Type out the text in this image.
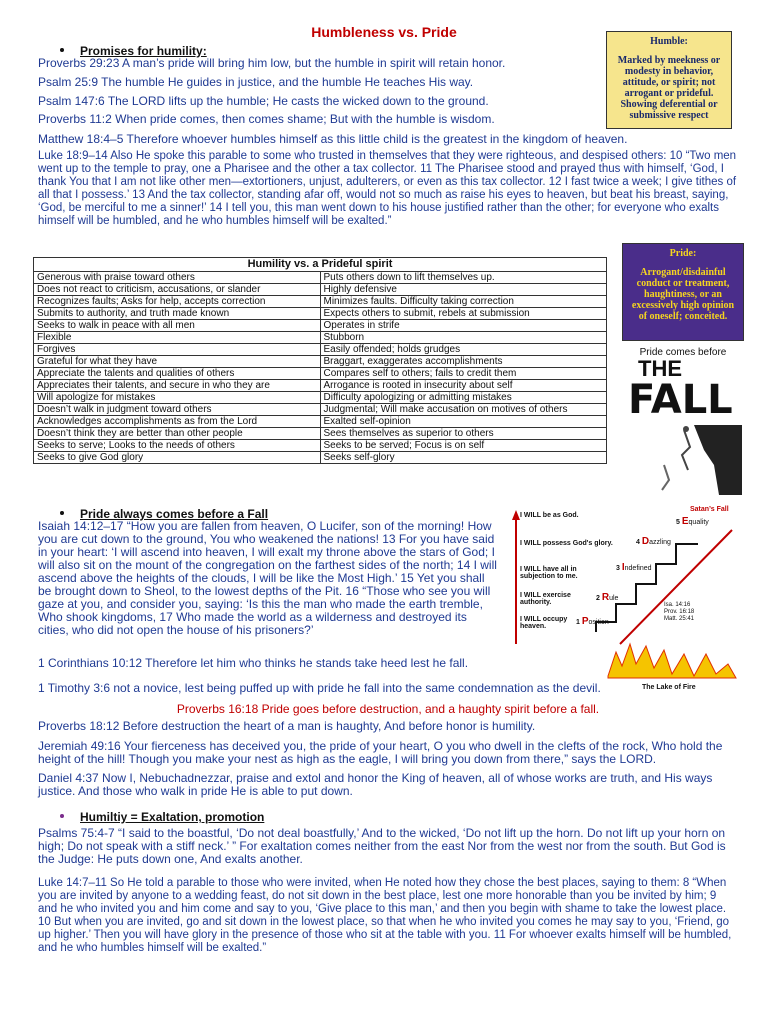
Humbleness vs. Pride
Promises for humility:

Proverbs 29:23 A man’s pride will bring him low, but the humble in spirit will retain honor.

Psalm 25:9 The humble He guides in justice, and the humble He teaches His way.

Psalm 147:6 The LORD lifts up the humble; He casts the wicked down to the ground.

Proverbs 11:2 When pride comes, then comes shame; But with the humble is wisdom.

Matthew 18:4–5 Therefore whoever humbles himself as this little child is the greatest in the kingdom of heaven.

Luke 18:9–14 Also He spoke this parable to some who trusted in themselves that they were righteous, and despised others: 10 “Two men went up to the temple to pray, one a Pharisee and the other a tax collector. 11 The Pharisee stood and prayed thus with himself, ‘God, I thank You that I am not like other men—extortioners, unjust, adulterers, or even as this tax collector. 12 I fast twice a week; I give tithes of all that I possess.’ 13 And the tax collector, standing afar off, would not so much as raise his eyes to heaven, but beat his breast, saying, ‘God, be merciful to me a sinner!’ 14 I tell you, this man went down to his house justified rather than the other; for everyone who exalts himself will be humbled, and he who humbles himself will be exalted.”

Humble:
Marked by meekness or modesty in behavior, attitude, or spirit; not arrogant or prideful. Showing deferential or submissive respect
Humility vs. a Prideful spirit	
Generous with praise toward others	Puts others down to lift themselves up.
Does not react to criticism, accusations, or slander	Highly defensive
Recognizes faults; Asks for help, accepts correction	Minimizes faults. Difficulty taking correction
Submits to authority, and truth made known	Expects others to submit, rebels at submission
Seeks to walk in peace with all men	Operates in strife
Flexible	Stubborn
Forgives	Easily offended; holds grudges
Grateful for what they have	Braggart, exaggerates accomplishments
Appreciate the talents and qualities of others	Compares self to others; fails to credit them
Appreciates their talents, and secure in who they are	Arrogance is rooted in insecurity about self
Will apologize for mistakes	Difficulty apologizing or admitting mistakes
Doesn’t walk in judgment toward others	Judgmental; Will make accusation on motives of others
Acknowledges accomplishments as from the Lord	Exalted self-opinion
Doesn’t think they are better than other people	Sees themselves as superior to others
Seeks to serve; Looks to the needs of others	Seeks to be served; Focus is on self
Seeks to give God glory	Seeks self-glory
Pride:
Arrogant/disdainful conduct or treatment, haughtiness, or an excessively high opinion of oneself; conceited.
Pride comes before
THE
FALL
Pride always comes before a Fall

Isaiah 14:12–17 “How you are fallen from heaven, O Lucifer, son of the morning! How you are cut down to the ground, You who weakened the nations! 13 For you have said in your heart: ‘I will ascend into heaven, I will exalt my throne above the stars of God; I will also sit on the mount of the congregation on the farthest sides of the north; 14 I will ascend above the heights of the clouds, I will be like the Most High.’ 15 Yet you shall be brought down to Sheol, to the lowest depths of the Pit. 16 “Those who see you will gaze at you, and consider you, saying: ‘Is this the man who made the earth tremble, Who shook kingdoms, 17 Who made the world as a wilderness and destroyed its cities, who did not open the house of his prisoners?’

1 Corinthians 10:12 Therefore let him who thinks he stands take heed lest he fall.

1 Timothy 3:6 not a novice, lest being puffed up with pride he fall into the same condemnation as the devil.

Proverbs 16:18 Pride goes before destruction, and a haughty spirit before a fall.

Proverbs 18:12 Before destruction the heart of a man is haughty, And before honor is humility.

Jeremiah 49:16 Your fierceness has deceived you, the pride of your heart, O you who dwell in the clefts of the rock, Who hold the height of the hill! Though you make your nest as high as the eagle, I will bring you down from there,” says the LORD.

Daniel 4:37 Now I, Nebuchadnezzar, praise and extol and honor the King of heaven, all of whose works are truth, and His ways justice. And those who walk in pride He is able to put down.

Satan’s Fall
I WILL be as God.
I WILL possess God's glory.
I WILL have all in subjection to me.
I WILL exercise authority.
I WILL occupy heaven.
5 Equality
4 Dazzling
3 Indefined
2 Rule
1 Position
Isa. 14:16
Prov. 16:18
Matt. 25:41
The Lake of Fire
Humiltiy = Exaltation, promotion

Psalms 75:4-7 “I said to the boastful, ‘Do not deal boastfully,’ And to the wicked, ‘Do not lift up the horn. Do not lift up your horn on high; Do not speak with a stiff neck.’ ” For exaltation comes neither from the east Nor from the west nor from the south. But God is the Judge: He puts down one, And exalts another.

Luke 14:7–11 So He told a parable to those who were invited, when He noted how they chose the best places, saying to them: 8 “When you are invited by anyone to a wedding feast, do not sit down in the best place, lest one more honorable than you be invited by him; 9 and he who invited you and him come and say to you, ‘Give place to this man,’ and then you begin with shame to take the lowest place. 10 But when you are invited, go and sit down in the lowest place, so that when he who invited you comes he may say to you, ‘Friend, go up higher.’ Then you will have glory in the presence of those who sit at the table with you. 11 For whoever exalts himself will be humbled, and he who humbles himself will be exalted.”
